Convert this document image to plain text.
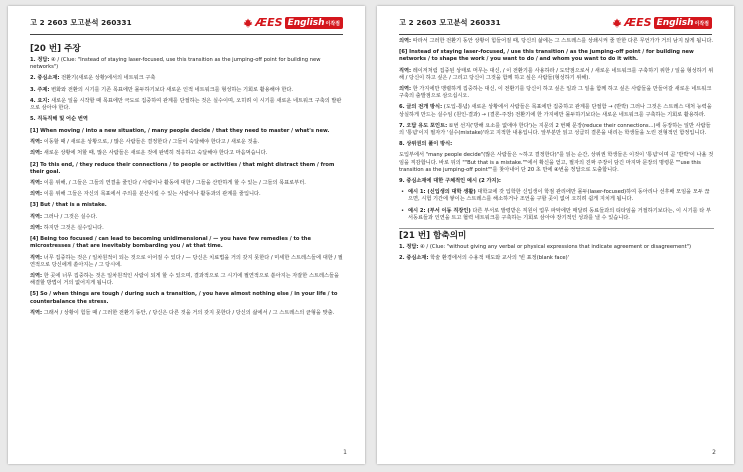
고 2 2603 모고분석 260331	ÆES English이작점
[20 번] 주장

1. 정답: ④ / (Clue: "Instead of staying laser-focused, use this transition as the jumping-off point for building new networks")

2. 중심소재: 전환기(새로운 상황)에서의 네트워크 구축

3. 주제: 변화와 전환의 시기를 기존 목표에만 몰두하기보다 새로운 인적 네트워크를 형성하는 기회로 활용해야 한다.

4. 요지: 새로운 일을 시작할 때 목표에만 극도로 집중하여 관계를 단절하는 것은 실수이며, 오히려 이 시기를 새로운 네트워크 구축의 발판으로 삼아야 한다.

5. 직독직해 및 어순 번역

[1] When moving / into a new situation, / many people decide / that they need to master / what's new.

직역: 이동할 때 / 새로운 상황으로, / 많은 사람들은 결정한다 / 그들이 숙달해야 한다고 / 새로운 것을.

의역: 새로운 상황에 처할 때, 많은 사람들은 새로운 것에 완벽히 적응하고 숙달해야 한다고 마음먹습니다.

[2] To this end, / they reduce their connections / to people or activities / that might distract them / from their goal.

직역: 이를 위해, / 그들은 그들의 연결을 줄인다 / 사람이나 활동에 대한 / 그들을 산만하게 할 수 있는 / 그들의 목표로부터.

의역: 이를 위해 그들은 자신의 목표에서 주의를 분산시킬 수 있는 사람이나 활동과의 관계를 줄입니다.

[3] But / that is a mistake.

직역: 그러나 / 그것은 실수다.

의역: 하지만 그것은 실수입니다.

[4] Being too focused / can lead to becoming unidimensional / — you have few remedies / to the microstresses / that are inevitably bombarding you / at that time.

직역: 너무 집중하는 것은 / 일차원적이 되는 것으로 이어질 수 있다 / — 당신은 치료법을 거의 갖지 못한다 / 미세한 스트레스들에 대한 / 필연적으로 당신에게 쏟아지는 / 그 당시에.

의역: 한 곳에 너무 집중하는 것은 일차원적인 사람이 되게 할 수 있으며, 결과적으로 그 시기에 필연적으로 쏟아지는 자잘한 스트레스들을 해결할 방법이 거의 없어지게 됩니다.

[5] So / when things are tough / during such a transition, / you have almost nothing else / in your life / to counterbalance the stress.

직역: 그래서 / 상황이 힘들 때 / 그러한 전환기 동안, / 당신은 다른 것을 거의 갖지 못한다 / 당신의 삶에서 / 그 스트레스의 균형을 맞출.

1
고 2 2603 모고분석 260331	ÆES English이작점

의역: 따라서 그러한 전환기 동안 상황이 힘들어질 때, 당신의 삶에는 그 스트레스를 상쇄시켜 줄 만한 다른 무언가가 거의 남지 않게 됩니다.

[6] Instead of staying laser-focused, / use this transition / as the jumping-off point / for building new networks / to shape the work / you want to do / and whom you want to do it with.

직역: 레이저처럼 집중된 상태로 머무는 대신, / 이 전환기를 사용하라 / 도약점으로서 / 새로운 네트워크를 구축하기 위한 / 일을 형성하기 위해 / 당신이 하고 싶은 / 그리고 당신이 그것을 함께 하고 싶은 사람들(형성하기 위해).

의역: 한 가지에만 맹렬하게 집중하는 대신, 이 전환기를 당신이 하고 싶은 일과 그 일을 함께 하고 싶은 사람들을 만들어갈 새로운 네트워크 구축의 출발점으로 삼으십시오.

6. 글의 전개 방식: (도입-통념) 새로운 상황에서 사람들은 목표에만 집중하고 관계를 단절함 → (반박) 그러나 그것은 스트레스 대처 능력을 상실하게 만드는 실수임 (원인-결과) → (결론-주장) 전환기에 한 가지에만 몰두하기보다는 새로운 네트워크를 구축하는 기회로 활용하라.

7. 오답 유도 포인트: ①번 선지('방해 요소를 없애야 한다')는 지문의 2 번째 문장(reduce their connections...)에 등장하는 일반 사람들의 '통념'이지 필자가 '실수(mistake)'라고 지적한 내용입니다. 앞부분만 읽고 성급히 결론을 내리는 학생들을 노린 전형적인 함정입니다.

8. 상위권의 풀이 방식:

도입부에서 "many people decide"(많은 사람들은 ~하고 결정한다)"를 읽는 순간, 상위권 학생들은 이것이 '통념'이며 곧 '반박'이 나올 것임을 직감합니다. 바로 뒤의 ""But that is a mistake.""에서 확신을 얻고, 필자의 진짜 주장이 담긴 마지막 문장의 명령문 ""use this transition as the jumping-off point""를 찾아내어 단 20 초 만에 ④번을 정답으로 도출합니다.

9. 중심소재에 대한 구체적인 예시 (2 가지):

• 예시 1: (신입생의 대학 생활) 대학교에 갓 입학한 신입생이 학점 관리에만 몰두(laser-focused)하여 동아리나 선후배 모임을 모두 끊으면, 시험 기간에 쌓이는 스트레스를 해소하거나 조언을 구할 곳이 없어 오히려 쉽게 지치게 됩니다.

• 예시 2: (부서 이동 직장인) 다른 부서로 발령받은 직원이 업무 파악에만 매달려 동료들과의 티타임을 거절하기보다는, 이 시기를 타 부서동료들과 인연을 트고 협력 네트워크를 구축하는 기회로 삼아야 장기적인 성과를 낼 수 있습니다.

[21 번] 함축의미

1. 정답: ④ / (Clue: "without giving any verbal or physical expressions that indicate agreement or disagreement")

2. 중심소재: 학술 환경에서의 수용적 태도와 교사의 '빈 표정(blank face)'

2
